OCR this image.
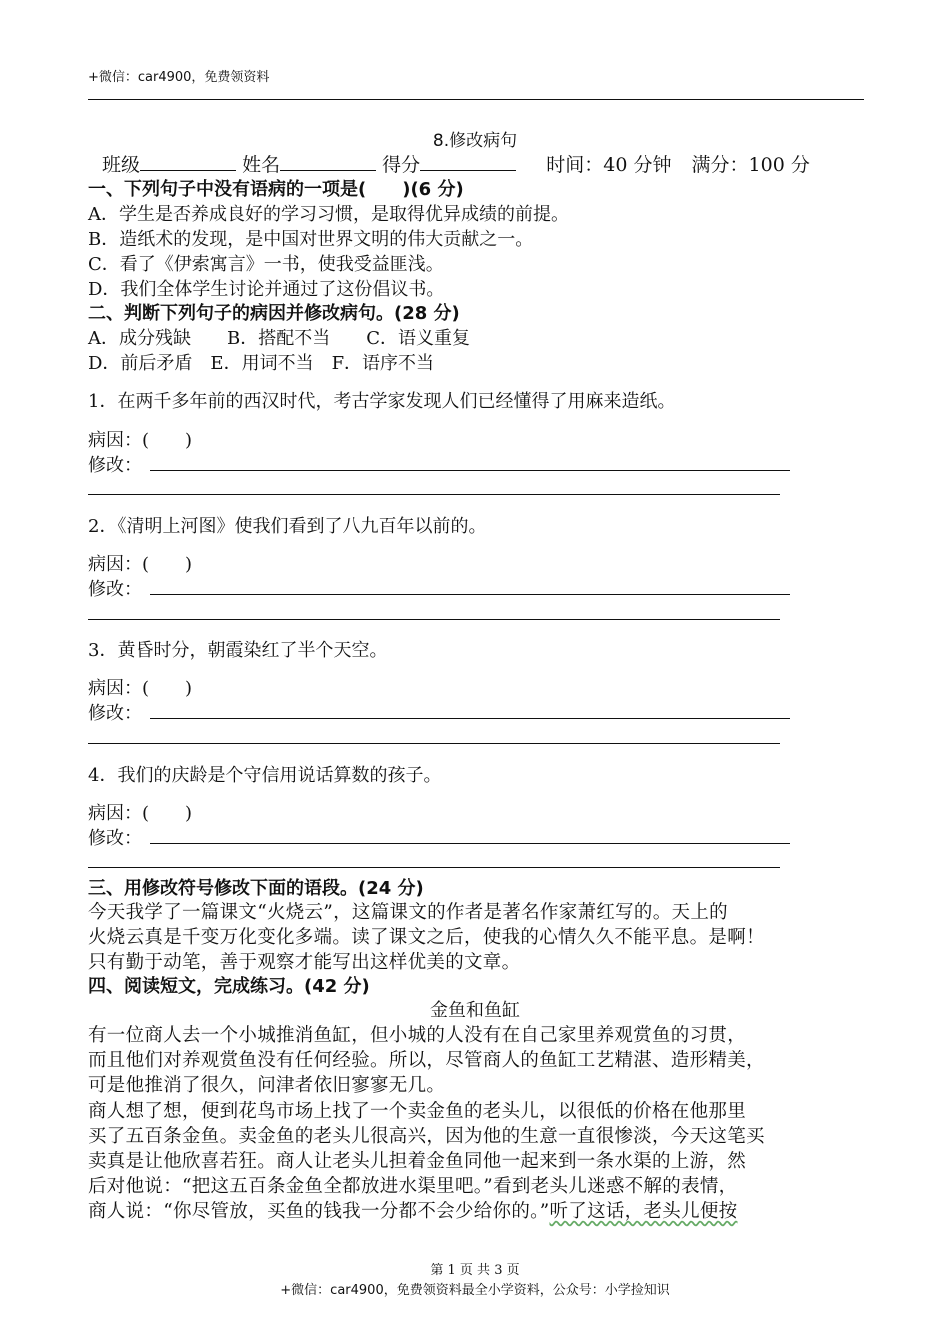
+微信：car4900，免费领资料
8.修改病句
班级	姓名	得分	时间：40 分钟 满分：100 分
一、下列句子中没有语病的一项是(　　)(6 分)
A．学生是否养成良好的学习习惯，是取得优异成绩的前提。
B．造纸术的发现，是中国对世界文明的伟大贡献之一。
C．看了《伊索寓言》一书，使我受益匪浅。
D．我们全体学生讨论并通过了这份倡议书。
二、判断下列句子的病因并修改病句。(28 分)
A．成分残缺　　B．搭配不当　　C．语义重复
D．前后矛盾　E．用词不当　F．语序不当
1．在两千多年前的西汉时代，考古学家发现人们已经懂得了用麻来造纸。
病因：(　　)
修改：
2．《清明上河图》使我们看到了八九百年以前的。
病因：(　　)
修改：
3．黄昏时分，朝霞染红了半个天空。
病因：(　　)
修改：
4．我们的庆龄是个守信用说话算数的孩子。
病因：(　　)
修改：
三、用修改符号修改下面的语段。(24 分)
今天我学了一篇课文“火烧云”，这篇课文的作者是著名作家萧红写的。天上的
火烧云真是千变万化变化多端。读了课文之后，使我的心情久久不能平息。是啊！
只有勤于动笔，善于观察才能写出这样优美的文章。
四、阅读短文，完成练习。(42 分)
金鱼和鱼缸
有一位商人去一个小城推消鱼缸，但小城的人没有在自己家里养观赏鱼的习贯，
而且他们对养观赏鱼没有任何经验。所以，尽管商人的鱼缸工艺精湛、造形精美，
可是他推消了很久，问津者依旧寥寥无几。
商人想了想，便到花鸟市场上找了一个卖金鱼的老头儿，以很低的价格在他那里
买了五百条金鱼。卖金鱼的老头儿很高兴，因为他的生意一直很惨淡，今天这笔买
卖真是让他欣喜若狂。商人让老头儿担着金鱼同他一起来到一条水渠的上游，然
后对他说：“把这五百条金鱼全都放进水渠里吧。”看到老头儿迷惑不解的表情，
商人说：“你尽管放，买鱼的钱我一分都不会少给你的。”听了这话，老头儿便按
第 1 页 共 3 页
+微信：car4900，免费领资料最全小学资料，公众号：小学捡知识
